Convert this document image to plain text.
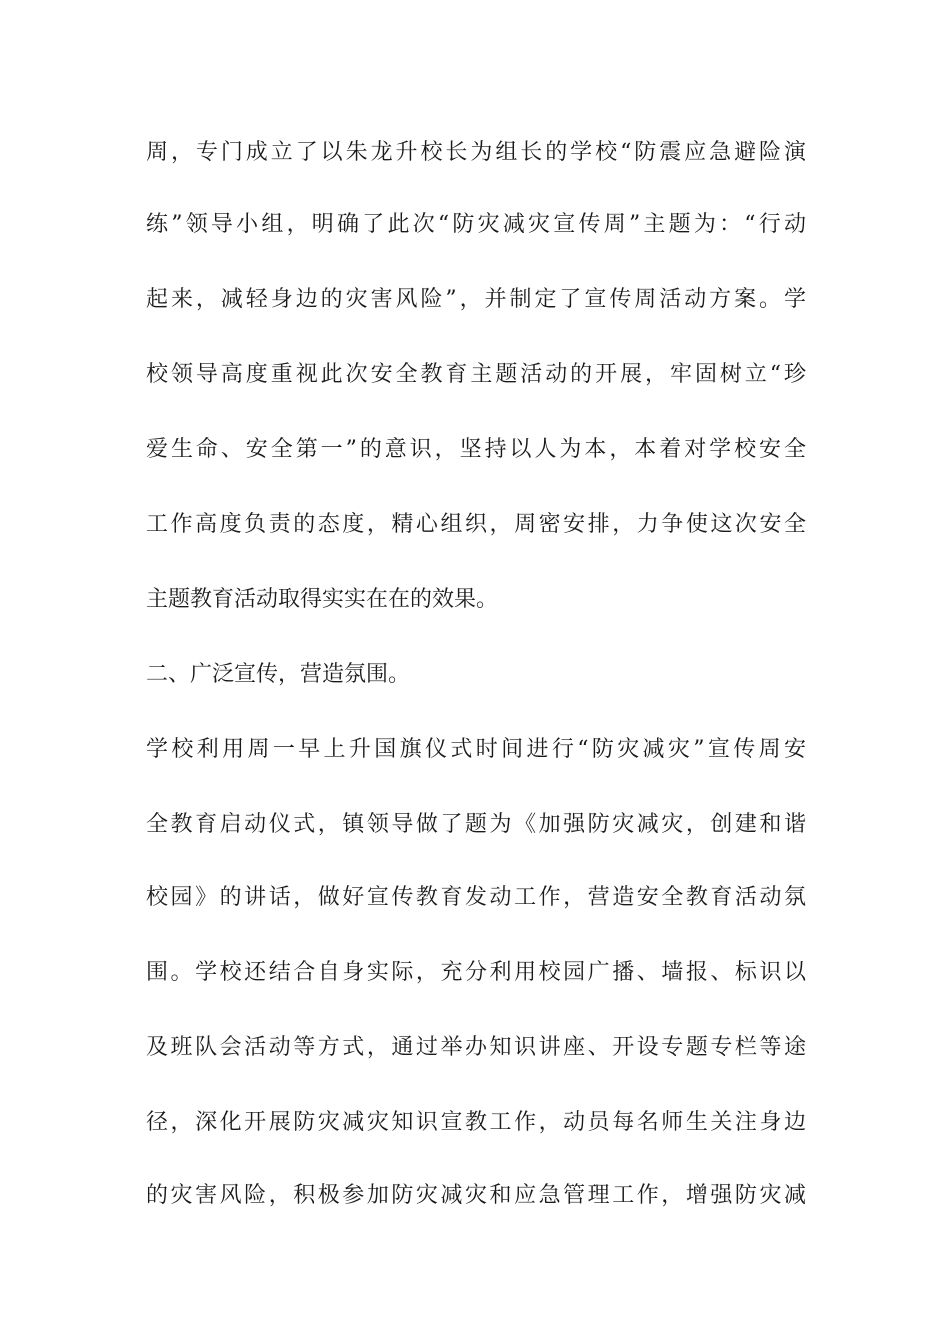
周，专门成立了以朱龙升校长为组长的学校“防震应急避险演
练”领导小组，明确了此次“防灾减灾宣传周”主题为：“行动
起来，减轻身边的灾害风险”，并制定了宣传周活动方案。学
校领导高度重视此次安全教育主题活动的开展，牢固树立“珍
爱生命、安全第一”的意识，坚持以人为本，本着对学校安全
工作高度负责的态度，精心组织，周密安排，力争使这次安全
主题教育活动取得实实在在的效果。
二、广泛宣传，营造氛围。
学校利用周一早上升国旗仪式时间进行“防灾减灾”宣传周安
全教育启动仪式，镇领导做了题为《加强防灾减灾，创建和谐
校园》的讲话，做好宣传教育发动工作，营造安全教育活动氛
围。学校还结合自身实际，充分利用校园广播、墙报、标识以
及班队会活动等方式，通过举办知识讲座、开设专题专栏等途
径，深化开展防灾减灾知识宣教工作，动员每名师生关注身边
的灾害风险，积极参加防灾减灾和应急管理工作，增强防灾减
